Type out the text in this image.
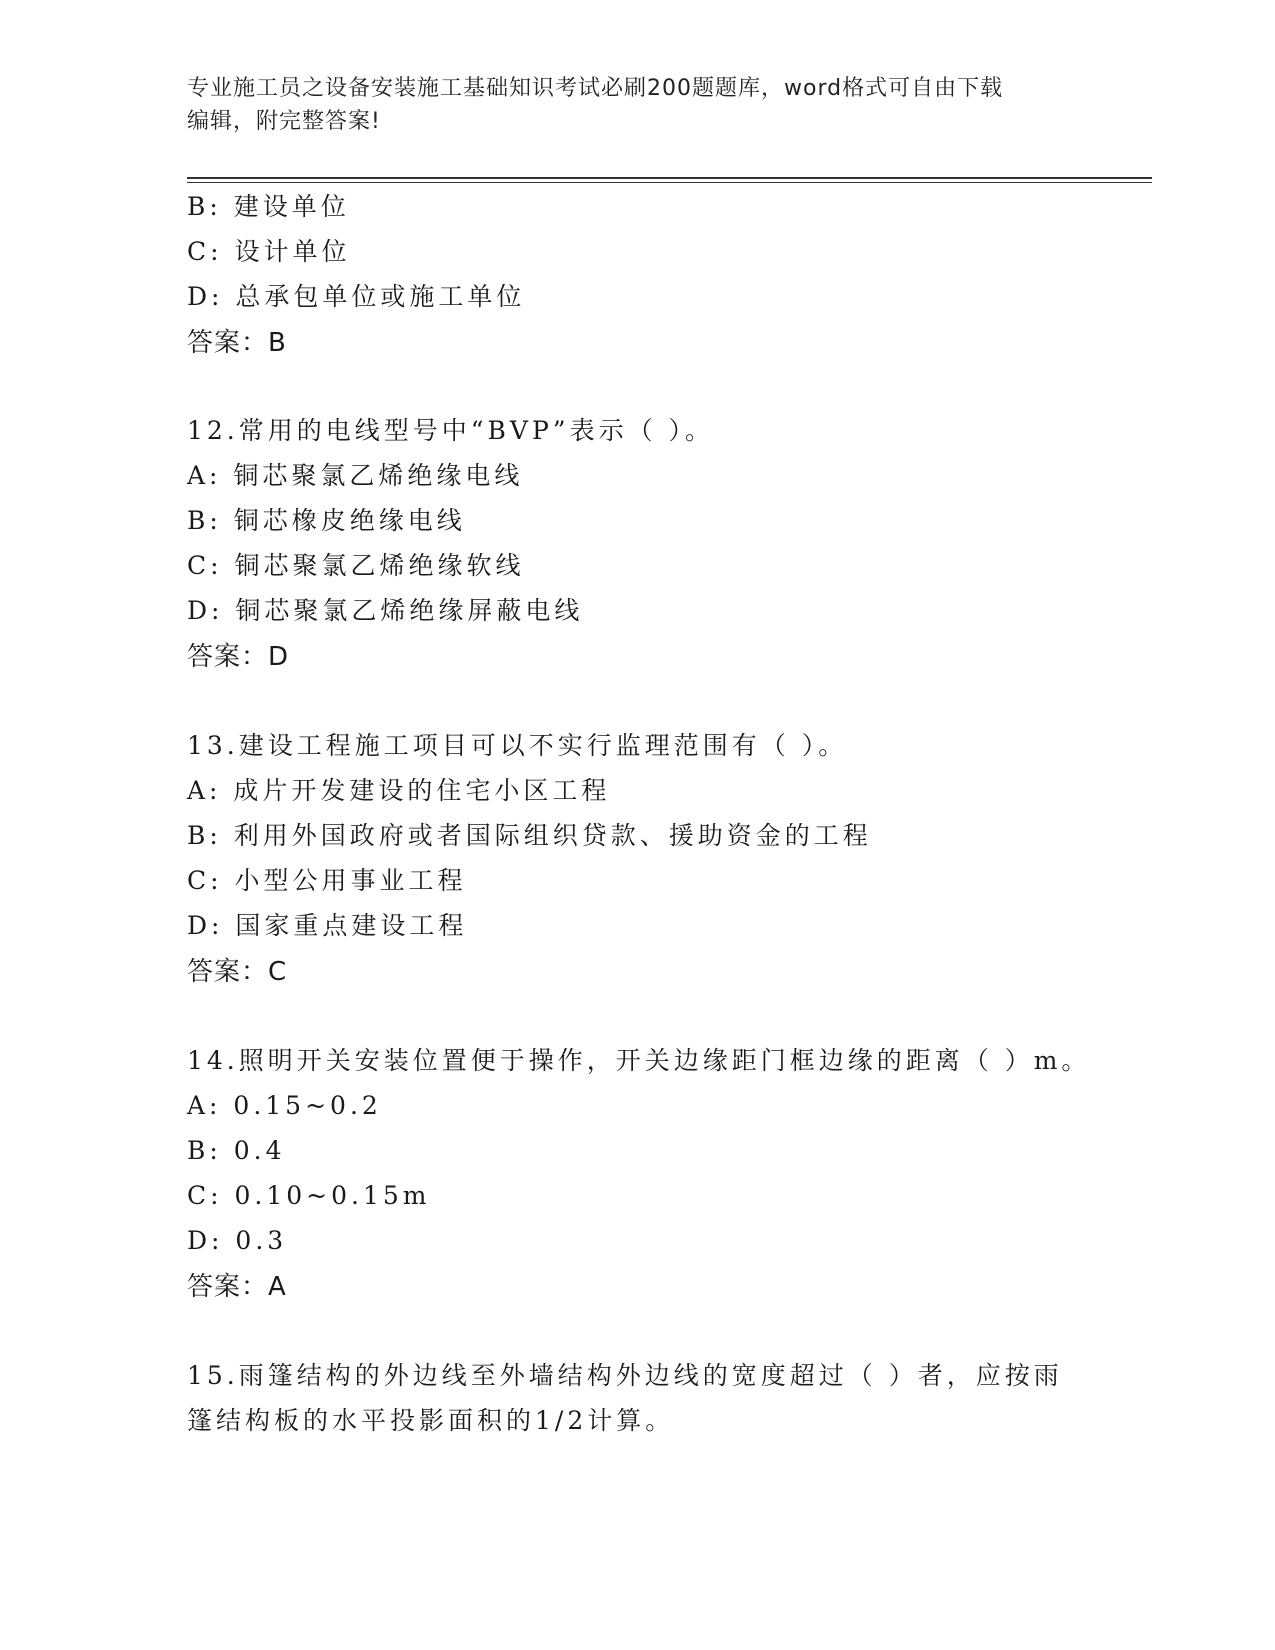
专业施工员之设备安装施工基础知识考试必刷200题题库，word格式可自由下载
编辑，附完整答案!
B: 建设单位
C: 设计单位
D: 总承包单位或施工单位
答案：B
12.常用的电线型号中“BVP”表示（ ）。
A: 铜芯聚氯乙烯绝缘电线
B: 铜芯橡皮绝缘电线
C: 铜芯聚氯乙烯绝缘软线
D: 铜芯聚氯乙烯绝缘屏蔽电线
答案：D
13.建设工程施工项目可以不实行监理范围有（ ）。
A: 成片开发建设的住宅小区工程
B: 利用外国政府或者国际组织贷款、援助资金的工程
C: 小型公用事业工程
D: 国家重点建设工程
答案：C
14.照明开关安装位置便于操作，开关边缘距门框边缘的距离（ ）m。
A: 0.15~0.2
B: 0.4
C: 0.10~0.15m
D: 0.3
答案：A
15.雨篷结构的外边线至外墙结构外边线的宽度超过（ ）者，应按雨
篷结构板的水平投影面积的1/2计算。
